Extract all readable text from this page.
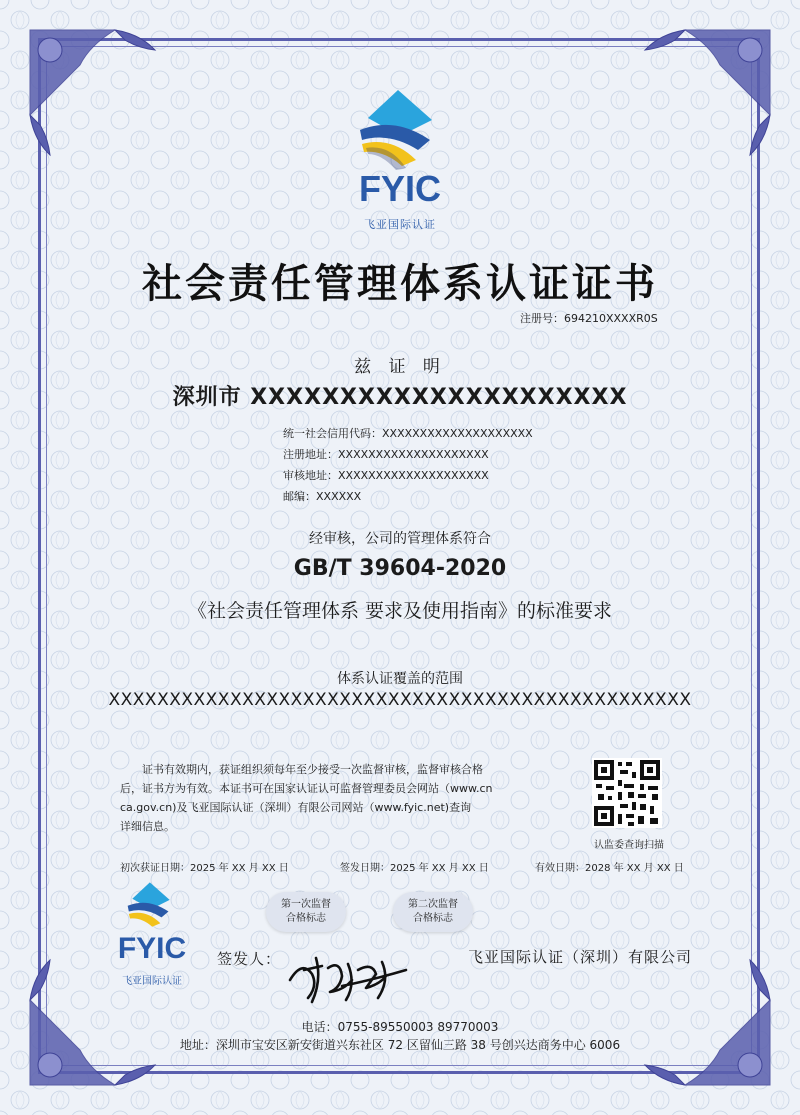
FYIC
飞亚国际认证
社会责任管理体系认证证书
注册号：694210XXXXR0S
兹 证 明
深圳市 XXXXXXXXXXXXXXXXXXXXX
统一社会信用代码：XXXXXXXXXXXXXXXXXXXX
注册地址：XXXXXXXXXXXXXXXXXXXX
审核地址：XXXXXXXXXXXXXXXXXXXX
邮编：XXXXXX
经审核，公司的管理体系符合
GB/T 39604-2020
《社会责任管理体系 要求及使用指南》的标准要求
体系认证覆盖的范围
XXXXXXXXXXXXXXXXXXXXXXXXXXXXXXXXXXXXXXXXXXXXXXXX
证书有效期内，获证组织须每年至少接受一次监督审核，监督审核合格
后，证书方为有效。本证书可在国家认证认可监督管理委员会网站（www.cn
ca.gov.cn)及飞亚国际认证（深圳）有限公司网站（www.fyic.net)查询
详细信息。
认监委查询扫描
初次获证日期：2025 年 XX 月 XX 日	签发日期：2025 年 XX 月 XX 日	有效日期：2028 年 XX 月 XX 日
第一次监督
合格标志
第二次监督
合格标志
FYIC
飞亚国际认证
签发人：	飞亚国际认证（深圳）有限公司
电话：0755-89550003 89770003
地址：深圳市宝安区新安街道兴东社区 72 区留仙三路 38 号创兴达商务中心 6006
